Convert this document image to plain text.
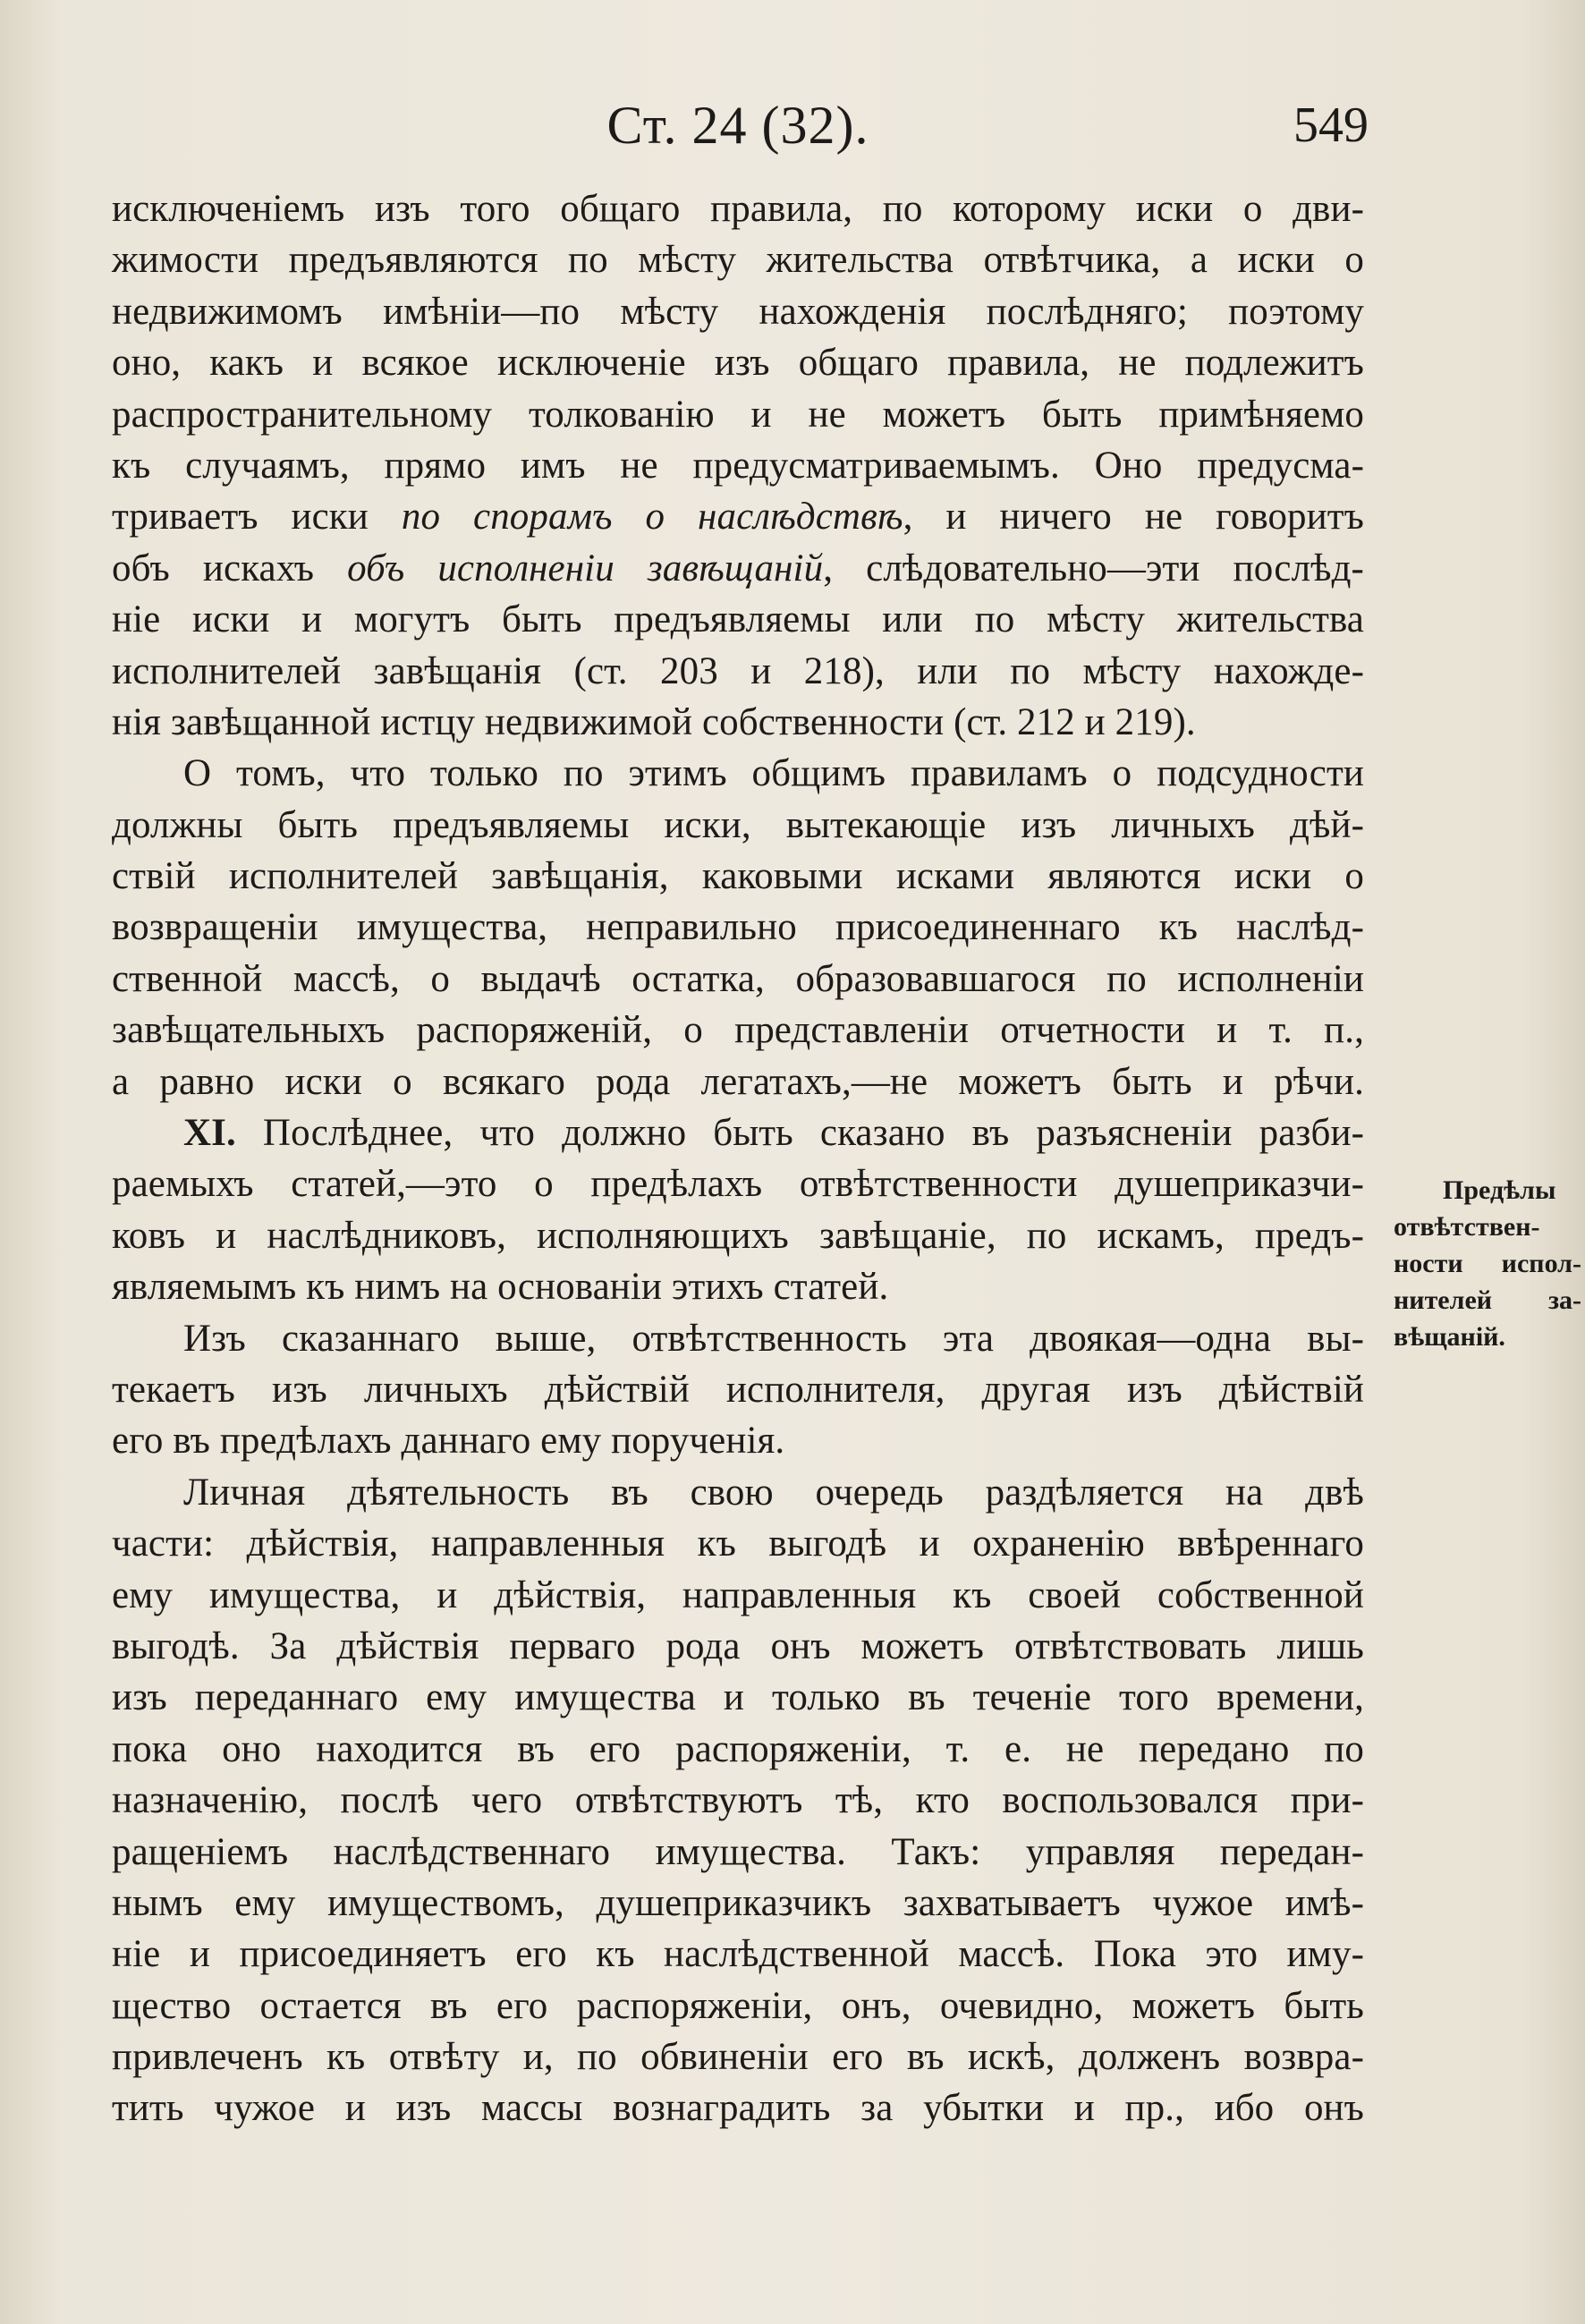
Ст. 24 (32).	549
исключеніемъ изъ того общаго правила, по которому иски о дви-
жимости предъявляются по мѣсту жительства отвѣтчика, а иски о
недвижимомъ имѣніи—по мѣсту нахожденія послѣдняго; поэтому
оно, какъ и всякое исключеніе изъ общаго правила, не подлежитъ
распространительному толкованію и не можетъ быть примѣняемо
къ случаямъ, прямо имъ не предусматриваемымъ. Оно предусма-
триваетъ иски по спорамъ о наслѣдствѣ, и ничего не говоритъ
объ искахъ объ исполненіи завѣщаній, слѣдовательно—эти послѣд-
ніе иски и могутъ быть предъявляемы или по мѣсту жительства
исполнителей завѣщанія (ст. 203 и 218), или по мѣсту нахожде-
нія завѣщанной истцу недвижимой собственности (ст. 212 и 219).
О томъ, что только по этимъ общимъ правиламъ о подсудности
должны быть предъявляемы иски, вытекающіе изъ личныхъ дѣй-
ствій исполнителей завѣщанія, каковыми исками являются иски о
возвращеніи имущества, неправильно присоединеннаго къ наслѣд-
ственной массѣ, о выдачѣ остатка, образовавшагося по исполненіи
завѣщательныхъ распоряженій, о представленіи отчетности и т. п.,
а равно иски о всякаго рода легатахъ,—не можетъ быть и рѣчи.
XI. Послѣднее, что должно быть сказано въ разъясненіи разби-
раемыхъ статей,—это о предѣлахъ отвѣтственности душеприказчи-
ковъ и наслѣдниковъ, исполняющихъ завѣщаніе, по искамъ, предъ-
являемымъ къ нимъ на основаніи этихъ статей.
Изъ сказаннаго выше, отвѣтственность эта двоякая—одна вы-
текаетъ изъ личныхъ дѣйствій исполнителя, другая изъ дѣйствій
его въ предѣлахъ даннаго ему порученія.
Личная дѣятельность въ свою очередь раздѣляется на двѣ
части: дѣйствія, направленныя къ выгодѣ и охраненію ввѣреннаго
ему имущества, и дѣйствія, направленныя къ своей собственной
выгодѣ. За дѣйствія перваго рода онъ можетъ отвѣтствовать лишь
изъ переданнаго ему имущества и только въ теченіе того времени,
пока оно находится въ его распоряженіи, т. е. не передано по
назначенію, послѣ чего отвѣтствуютъ тѣ, кто воспользовался при-
ращеніемъ наслѣдственнаго имущества. Такъ: управляя передан-
нымъ ему имуществомъ, душеприказчикъ захватываетъ чужое имѣ-
ніе и присоединяетъ его къ наслѣдственной массѣ. Пока это иму-
щество остается въ его распоряженіи, онъ, очевидно, можетъ быть
привлеченъ къ отвѣту и, по обвиненіи его въ искѣ, долженъ возвра-
тить чужое и изъ массы вознаградить за убытки и пр., ибо онъ
Предѣлы
отвѣтствен-
ности испол-
нителей за-
вѣщаній.
